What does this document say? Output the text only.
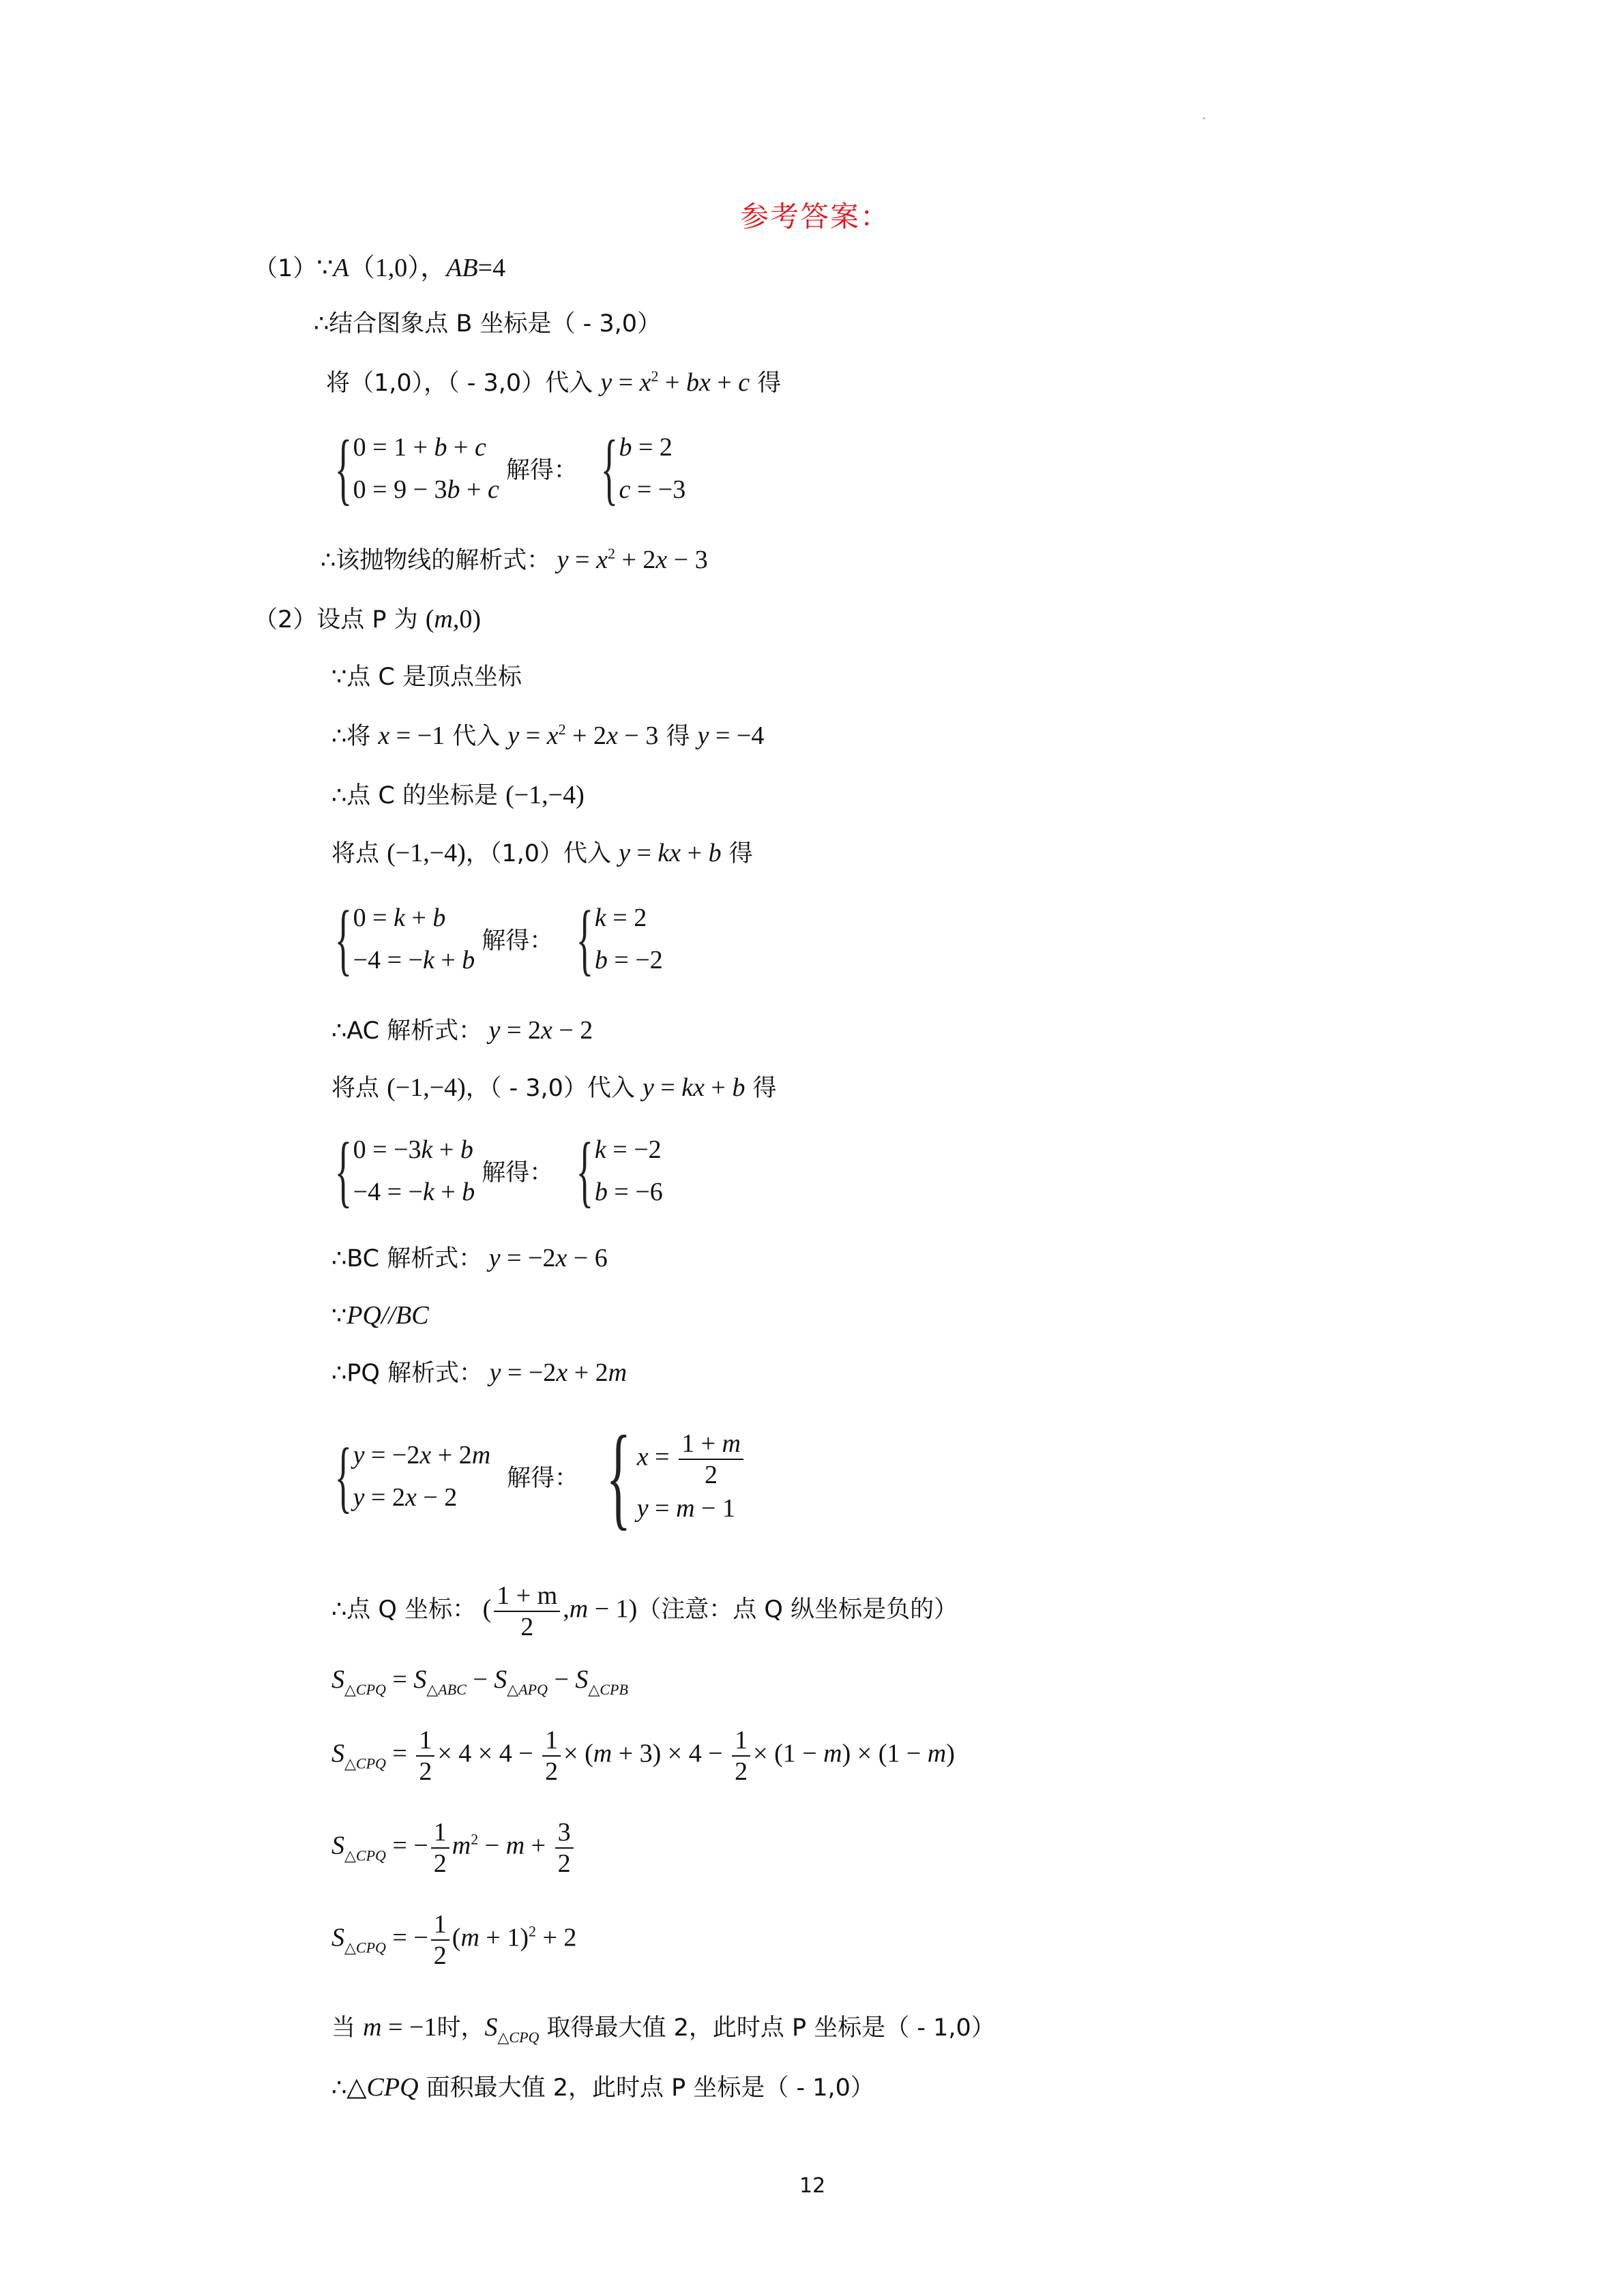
参考答案：
（1）∵A（1,0），AB=4
∴结合图象点 B 坐标是（ - 3,0）
将（1,0），（ - 3,0）代入 $y = x^2$ + bx + c 得
{ 0 = 1 + b + c
0 = 9 − 3b + c
解得： { b = 2
c = −3
∴该抛物线的解析式： $y = x^2 + 2x - 3$
（2）设点 P 为 (m,0)
∵点 C 是顶点坐标
∴将 x = −1 代入 $y = x^2 + 2x - 3$ 得 y = −4
∴点 C 的坐标是 (−1,−4)
将点 (−1,−4)，（1,0）代入 y = kx + b 得
{ 0 = k + b
−4 = −k + b
解得： { k = 2
b = −2
∴AC 解析式： y = 2x − 2
将点 (−1,−4)，（ - 3,0）代入 y = kx + b 得
{ 0 = −3k + b
−4 = −k + b
解得： { k = −2
b = −6
∴BC 解析式： y = −2x − 6
∵PQ//BC
∴PQ 解析式： y = −2x + 2m
{ y = −2x + 2m
y = 2x − 2
解得： { $x = \frac{1 + m}{2}$
y = m − 1
∴点 Q 坐标： ( $\frac{1 + m}{2} ,m - 1$)（注意：点 Q 纵坐标是负的）
$S_{\triangle CPQ} = S_{\triangle ABC} - S_{\triangle APQ} - S_{\triangle CPB}$
$S_{\triangle CPQ} = \frac{1}{2} \times 4 \times 4 - \frac{1}{2} \times (m + 3) \times 4 - \frac{1}{2} \times (1 - m) \times (1 - m)$
$S_{\triangle CPQ}$ = − $\frac{1}{2} m^2 - m + \frac{3}{2}$
$S_{\triangle CPQ}$ = − $\frac{1}{2} (m + 1)^2 + 2$
当 m = −1时，$S_{\triangle CPQ}$ 取得最大值 2，此时点 P 坐标是（ - 1,0）
∴△CPQ 面积最大值 2，此时点 P 坐标是（ - 1,0）
12
